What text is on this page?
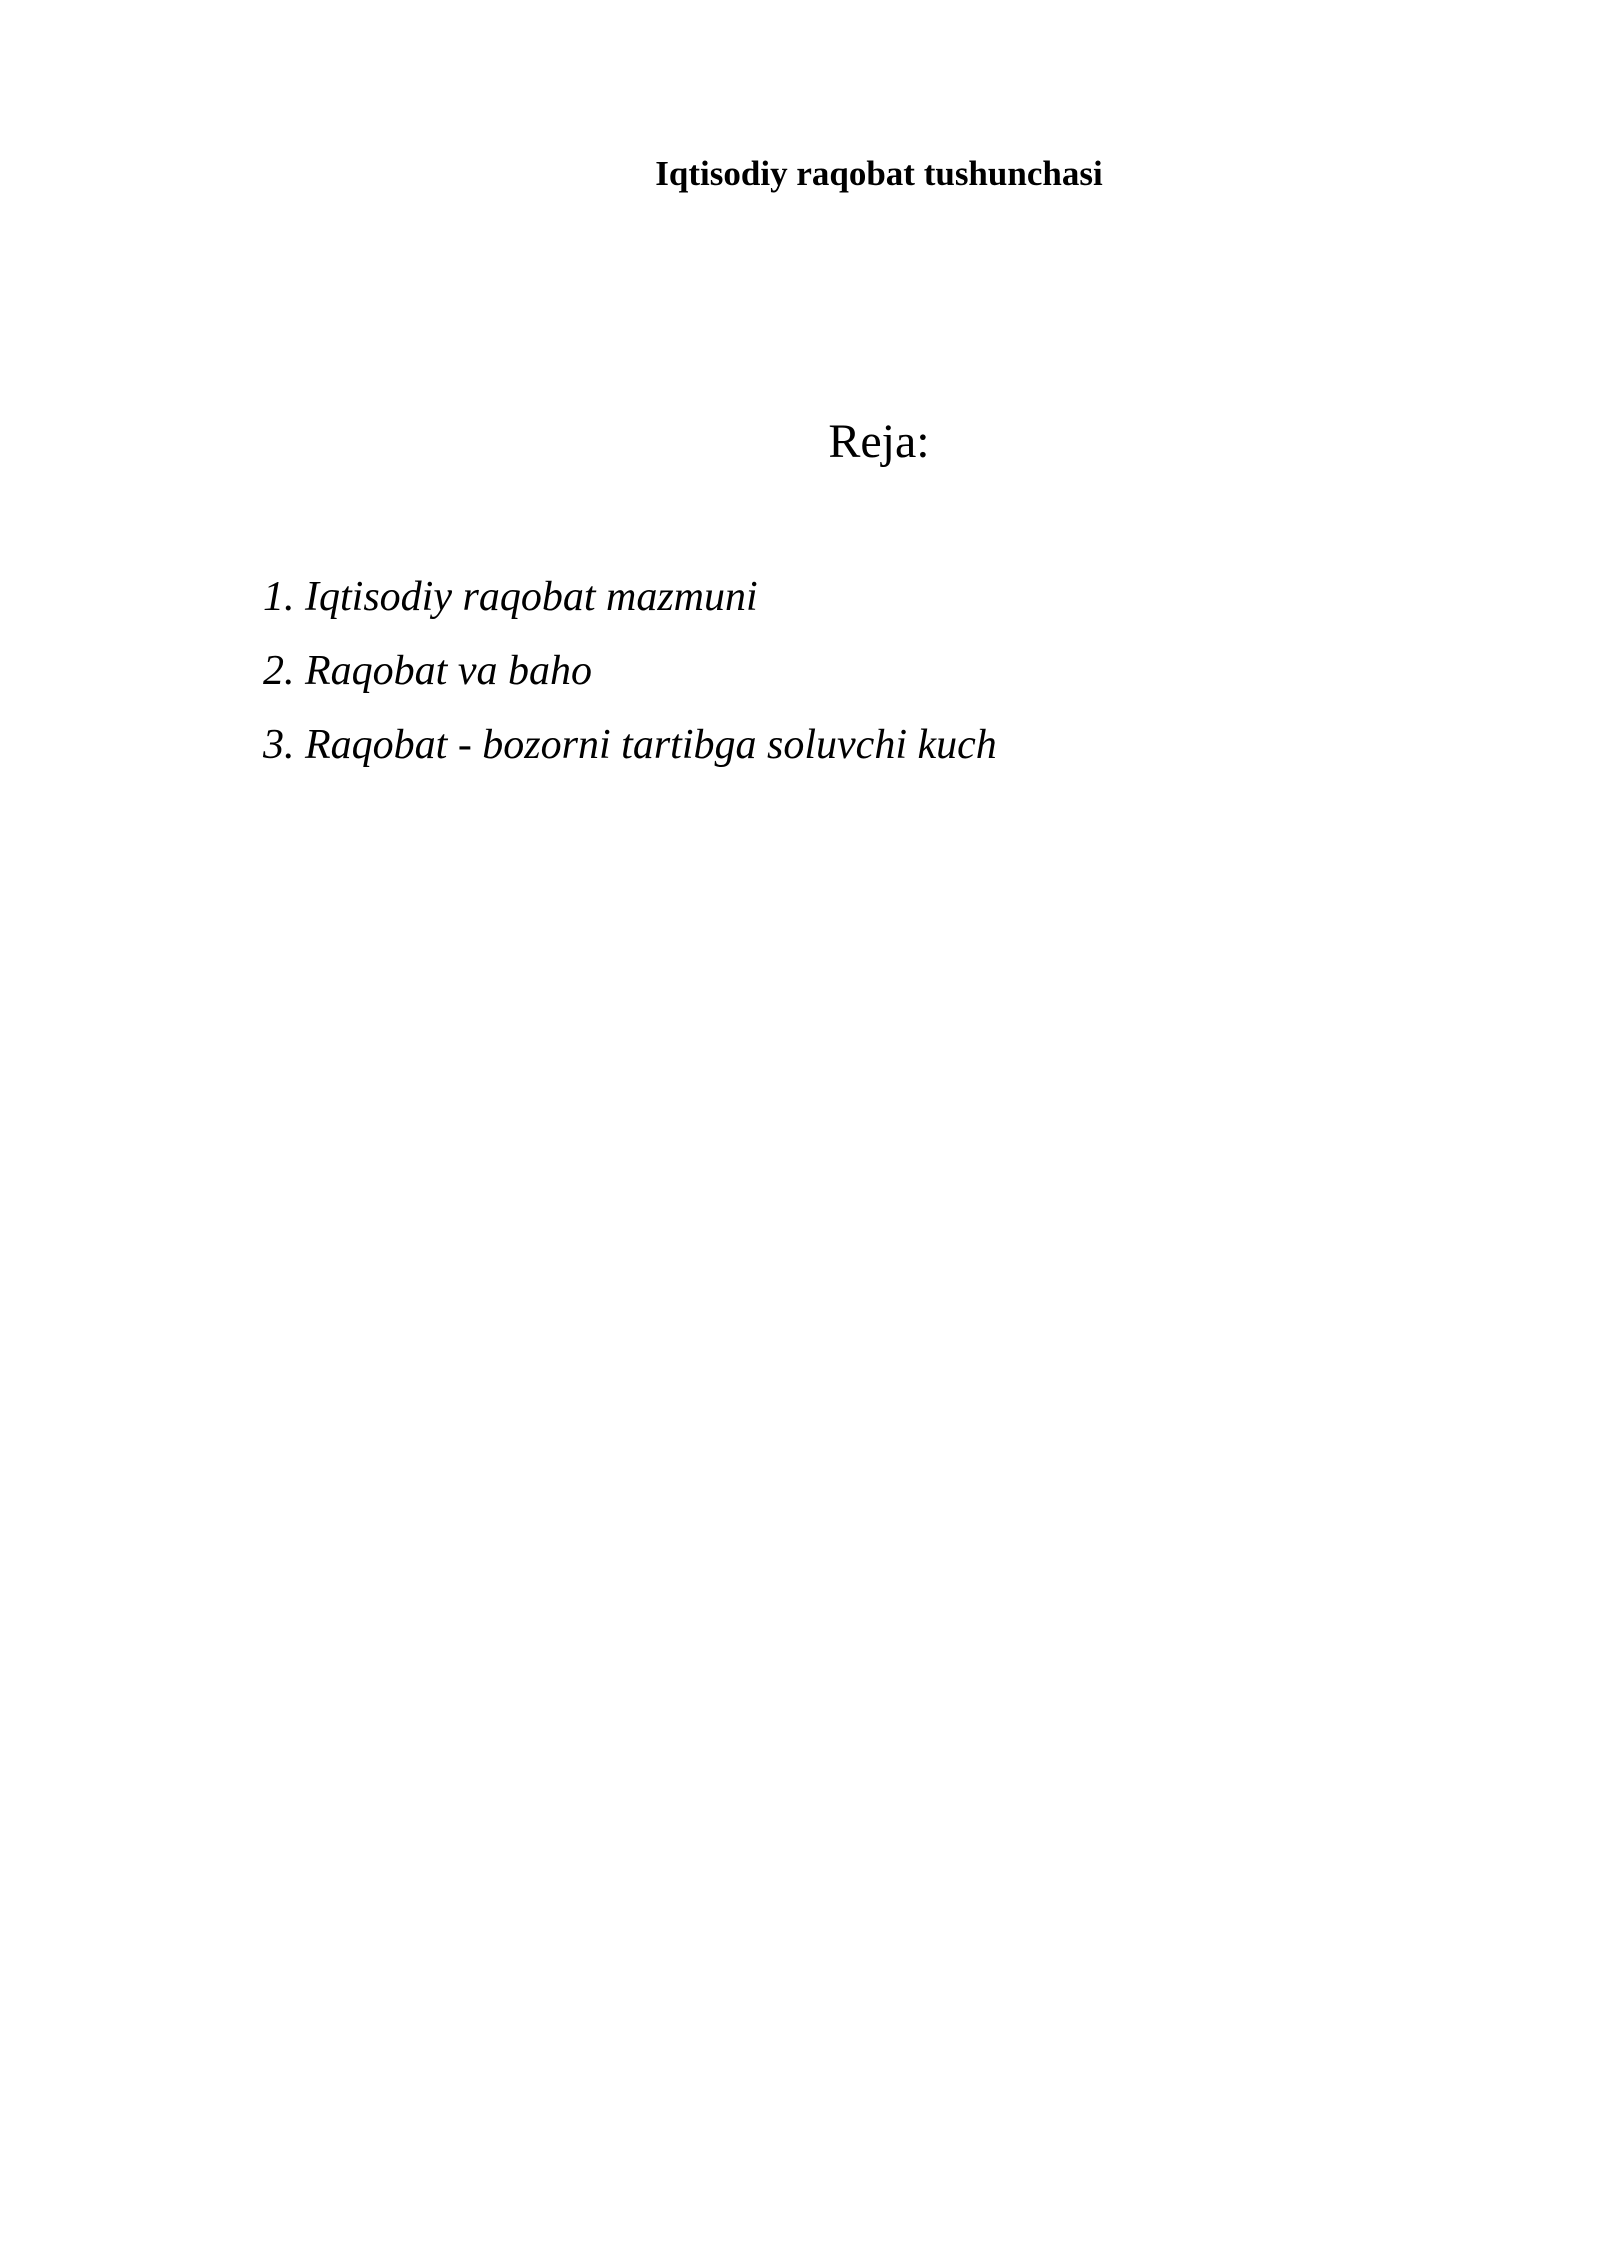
Iqtisodiy raqobat tushunchasi
Reja:
1. Iqtisodiy raqobat mazmuni
2. Raqobat va baho
3. Raqobat - bozorni tartibga soluvchi kuch
